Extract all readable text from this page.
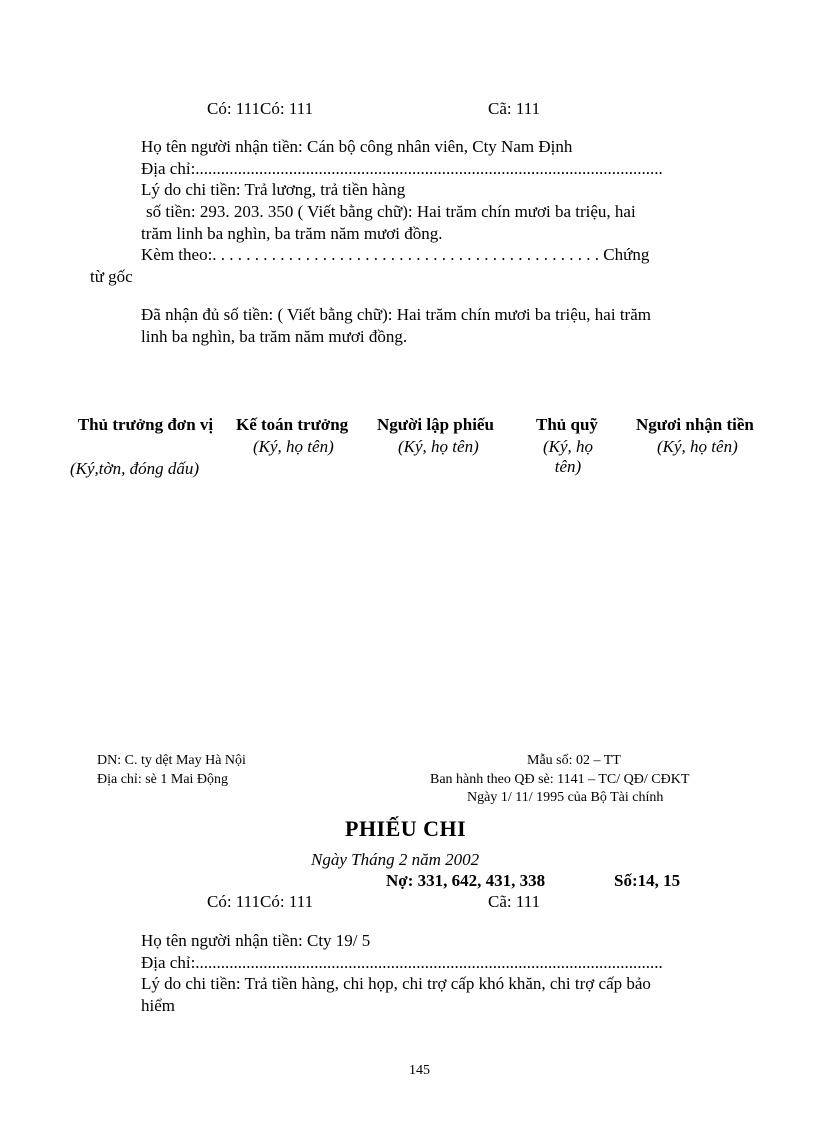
Có: 111Có: 111	Cã: 111
Họ tên người nhận tiền: Cán bộ công nhân viên, Cty Nam Định
Địa chỉ:..............................................................................................................
Lý do chi tiền: Trả lương, trả tiền hàng
số tiền: 293. 203. 350 ( Viết bằng chữ): Hai trăm chín mươi ba triệu, hai
trăm linh ba nghìn, ba trăm năm mươi đồng.
Kèm theo:. . . . . . . . . . . . . . . . . . . . . . . . . . . . . . . . . . . . . . . . . . . . . . Chứng
từ gốc
Đã nhận đủ số tiền: ( Viết bằng chữ): Hai trăm chín mươi ba triệu, hai trăm
linh ba nghìn, ba trăm năm mươi đồng.
Thủ trưởng đơn vị
(Ký,tờn, đóng dấu)
Kế toán trưởng
(Ký, họ tên)
Người lập phiếu
(Ký, họ tên)
Thủ quỹ
(Ký, họ tên)
Ngươi nhận tiền
(Ký, họ tên)
DN: C. ty dệt May Hà Nội
Địa chỉ: sè 1 Mai Động
Mẫu số: 02 – TT
Ban hành theo QĐ sè: 1141 – TC/ QĐ/ CĐKT
Ngày 1/ 11/ 1995 của Bộ Tài chính
PHIẾU CHI
Ngày Tháng 2 năm 2002
Nợ: 331, 642, 431, 338	Số:14, 15
Có: 111Có: 111	Cã: 111
Họ tên người nhận tiền: Cty 19/ 5
Địa chỉ:..............................................................................................................
Lý do chi tiền: Trả tiền hàng, chi họp, chi trợ cấp khó khăn, chi trợ cấp bảo
hiểm
145
